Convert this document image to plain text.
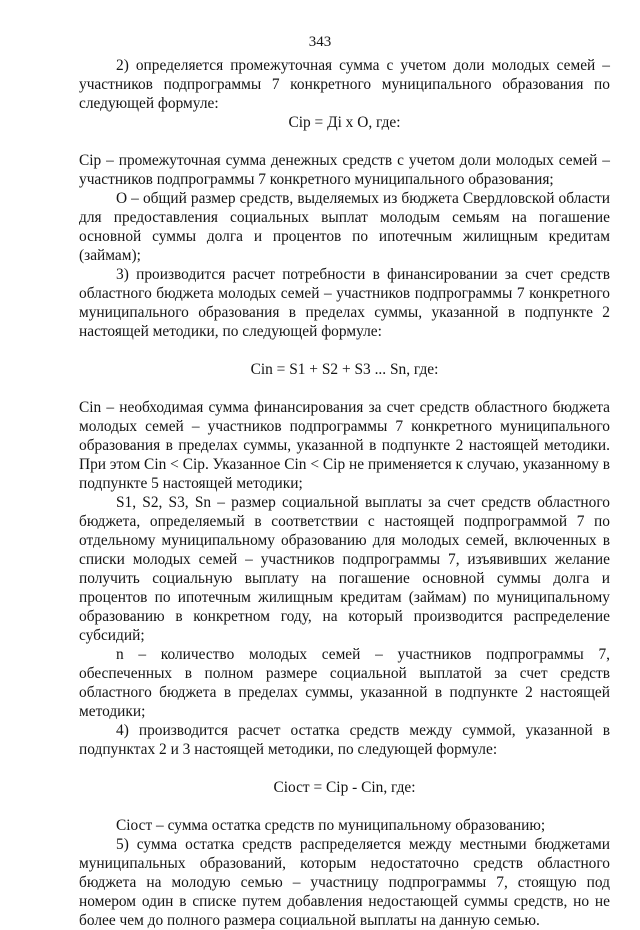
343

2) определяется промежуточная сумма с учетом доли молодых семей – участников подпрограммы 7 конкретного муниципального образования по следующей формуле:

Сip = Дi х О, где:

Сip – промежуточная сумма денежных средств с учетом доли молодых семей – участников подпрограммы 7 конкретного муниципального образования;

О – общий размер средств, выделяемых из бюджета Свердловской области для предоставления социальных выплат молодым семьям на погашение основной суммы долга и процентов по ипотечным жилищным кредитам (займам);

3) производится расчет потребности в финансировании за счет средств областного бюджета молодых семей – участников подпрограммы 7 конкретного муниципального образования в пределах суммы, указанной в подпункте 2 настоящей методики, по следующей формуле:

Сin = S1 + S2 + S3 ... Sn, где:

Сin – необходимая сумма финансирования за счет средств областного бюджета молодых семей – участников подпрограммы 7 конкретного муниципального образования в пределах суммы, указанной в подпункте 2 настоящей методики. При этом Сin < Сip. Указанное Сin < Сip не применяется к случаю, указанному в подпункте 5 настоящей методики;

S1, S2, S3, Sn – размер социальной выплаты за счет средств областного бюджета, определяемый в соответствии с настоящей подпрограммой 7 по отдельному муниципальному образованию для молодых семей, включенных в списки молодых семей – участников подпрограммы 7, изъявивших желание получить социальную выплату на погашение основной суммы долга и процентов по ипотечным жилищным кредитам (займам) по муниципальному образованию в конкретном году, на который производится распределение субсидий;

n – количество молодых семей – участников подпрограммы 7, обеспеченных в полном размере социальной выплатой за счет средств областного бюджета в пределах суммы, указанной в подпункте 2 настоящей методики;

4) производится расчет остатка средств между суммой, указанной в подпунктах 2 и 3 настоящей методики, по следующей формуле:

Сiост = Сip - Сin, где:

Сiост – сумма остатка средств по муниципальному образованию;

5) сумма остатка средств распределяется между местными бюджетами муниципальных образований, которым недостаточно средств областного бюджета на молодую семью – участницу подпрограммы 7, стоящую под номером один в списке путем добавления недостающей суммы средств, но не более чем до полного размера социальной выплаты на данную семью.
